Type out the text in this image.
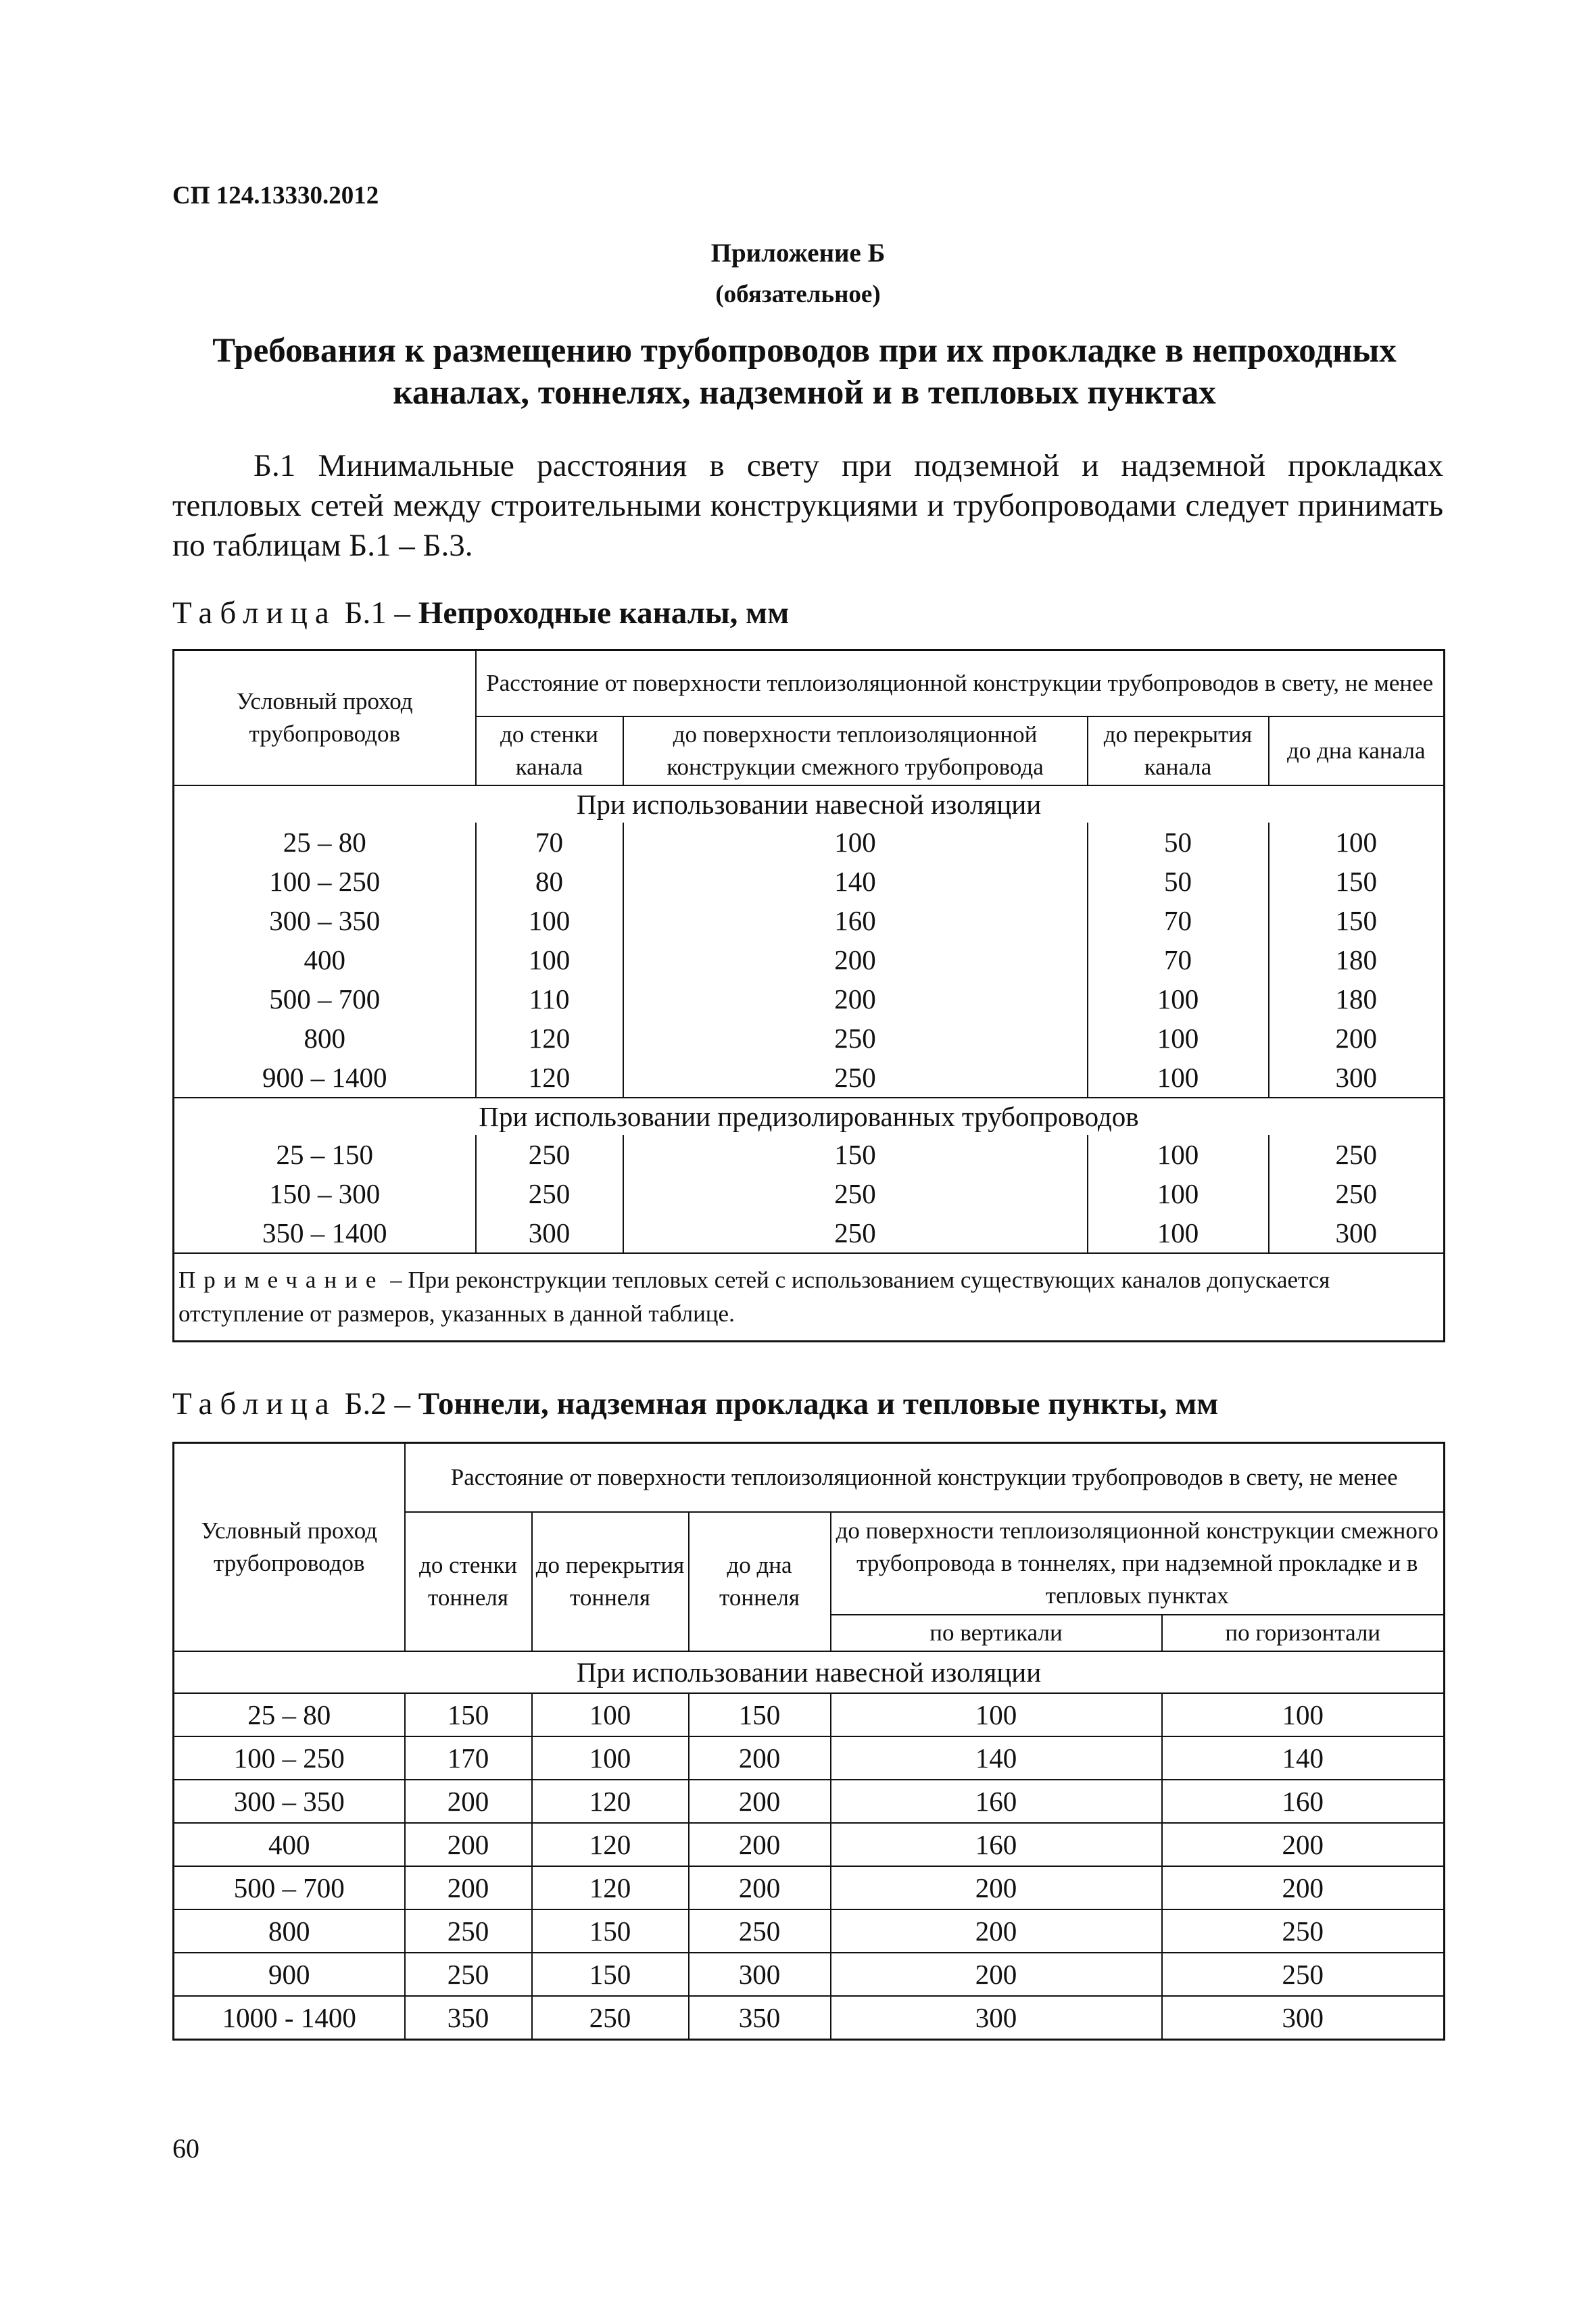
СП 124.13330.2012
Приложение Б
(обязательное)
Требования к размещению трубопроводов при их прокладке в непроходных каналах, тоннелях, надземной и в тепловых пунктах
Б.1 Минимальные расстояния в свету при подземной и надземной прокладках тепловых сетей между строительными конструкциями и трубопроводами следует принимать по таблицам Б.1 – Б.3.
Таблица Б.1 – Непроходные каналы, мм
Условный проход трубопроводов	Расстояние от поверхности теплоизоляционной конструкции трубопроводов в свету, не менее			
	до стенки канала	до поверхности теплоизоляционной конструкции смежного трубопровода	до перекрытия канала	до дна канала
При использовании навесной изоляции				
25 – 80	70	100	50	100
100 – 250	80	140	50	150
300 – 350	100	160	70	150
400	100	200	70	180
500 – 700	110	200	100	180
800	120	250	100	200
900 – 1400	120	250	100	300
При использовании предизолированных трубопроводов				
25 – 150	250	150	100	250
150 – 300	250	250	100	250
350 – 1400	300	250	100	300
Примечание – При реконструкции тепловых сетей с использованием существующих каналов допускается отступление от размеров, указанных в данной таблице.				
Таблица Б.2 – Тоннели, надземная прокладка и тепловые пункты, мм
Условный проход трубопроводов	Расстояние от поверхности теплоизоляционной конструкции трубопроводов в свету, не менее				
	до стенки тоннеля	до перекрытия тоннеля	до дна тоннеля	до поверхности теплоизоляционной конструкции смежного трубопровода в тоннелях, при надземной прокладке и в тепловых пунктах	
				по вертикали	по горизонтали
При использовании навесной изоляции					
25 – 80	150	100	150	100	100
100 – 250	170	100	200	140	140
300 – 350	200	120	200	160	160
400	200	120	200	160	200
500 – 700	200	120	200	200	200
800	250	150	250	200	250
900	250	150	300	200	250
1000 - 1400	350	250	350	300	300
60
